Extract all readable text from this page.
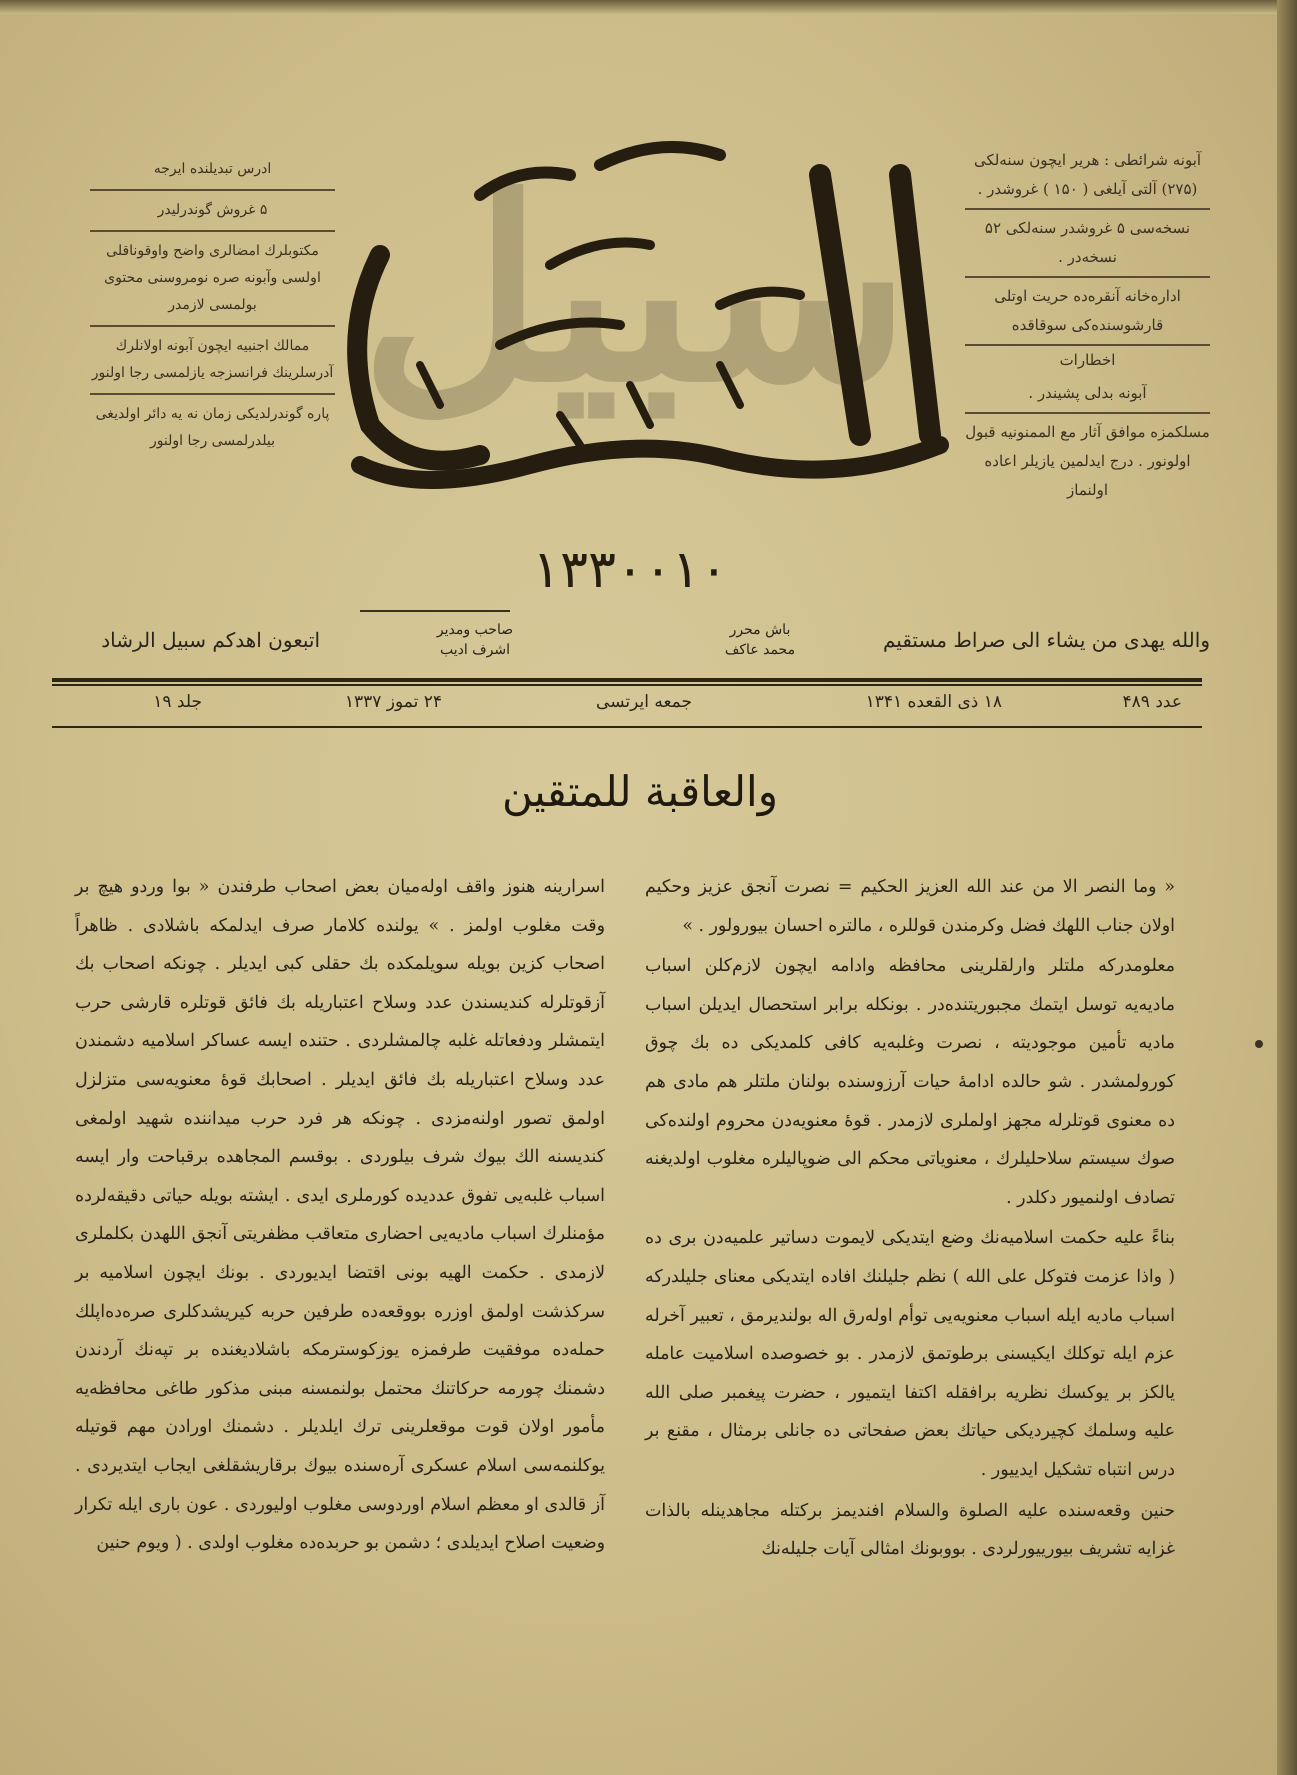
ادرس تبدیلنده ایرجه
۵ غروش گوندرلیدر
مکتوبلرك امضالری واضح واوقوناقلی اولسی وآبونه صره نومروسنی محتوی بولمسی لازمدر
ممالك اجنبیه ایچون آبونه اولانلرك آدرسلرینك فرانسزجه یازلمسی رجا اولنور
پاره گوندرلدیکی زمان نه یه دائر اولدیغی بیلدرلمسی رجا اولنور
سبیل
۱۳۳۰۰۱۰
آبونه شرائطی : هریر ایچون سنه‌لکی (۲۷۵) آلتی آیلغی ( ۱۵۰ ) غروشدر .
نسخه‌سی ۵ غروشدر سنه‌لکی ۵۲ نسخه‌در .
ادارەخانه آنقره‌ده حریت اوتلی قارشوسنده‌کی سوقاقده
اخطارات
آبونه بدلی پشیندر .
مسلکمزه موافق آثار مع الممنونیه قبول اولونور . درج ایدلمین یازیلر اعاده اولنماز
والله یهدی من یشاء الی صراط مستقیم
باش محرر
محمد عاکف
صاحب ومدیر
اشرف ادیب
اتبعون اهدکم سبیل الرشاد
عدد ۴۸۹
۱۸ ذی القعده ۱۳۴۱
جمعه ایرتسی
۲۴ تموز ۱۳۳۷
جلد ۱۹
والعاقبة للمتقین

« وما النصر الا من عند الله العزیز الحکیم = نصرت آنجق عزیز وحکیم اولان جناب اللهك فضل وکرمندن قوللره ، مالتره احسان بیورولور . »

معلومدرکه ملتلر وارلقلرینی محافظه وادامه ایچون لازم‌کلن اسباب مادیه‌یه توسل ایتمك مجبوریتنده‌در . بونکله برابر استحصال ایدیلن اسباب مادیه تأمین موجودیته ، نصرت وغلبه‌یه کافی کلمدیکی ده بك چوق کورولمشدر . شو حالده ادامهٔ حیات آرزوسنده بولنان ملتلر هم مادی هم ده معنوی قوتلرله مجهز اولملری لازمدر . قوهٔ معنویه‌دن محروم اولنده‌کی صوك سیستم سلاحلیلرك ، معنویاتی محکم الی ضوپالیلره مغلوب اولدیغنه تصادف اولنمیور دکلدر .

بناءً علیه حکمت اسلامیه‌نك وضع ایتدیکی لایموت دساتیر علمیه‌دن بری ده ( واذا عزمت فتوکل علی الله ) نظم جلیلنك افاده ایتدیکی معنای جلیلدرکه اسباب مادیه ایله اسباب معنویه‌یی توأم اوله‌رق اله بولندیرمق ، تعبیر آخرله عزم ایله توکلك ایکیسنی برطوتمق لازمدر . بو خصوصده اسلامیت عامله یالکز بر یوکسك نظریه برافقله اکتفا ایتمیور ، حضرت پیغمبر صلی الله علیه وسلمك کچیردیکی حیاتك بعض صفحاتی ده جانلی برمثال ، مقنع بر درس انتباه تشکیل ایدییور .

حنین وقعه‌سنده علیه الصلوة والسلام افندیمز برکتله مجاهدینله بالذات غزایه تشریف بیورییورلردی . بووبونك امثالی آیات جلیله‌نك

اسرارینه هنوز واقف اولەمیان بعض اصحاب طرفندن « بوا وردو هیچ بر وقت مغلوب اولمز . » یولنده کلامار صرف ایدلمکه باشلادی . ظاهراً اصحاب کزین بویله سویلمکده بك حقلی کبی ایدیلر . چونکه اصحاب بك آزقوتلرله کندیسندن عدد وسلاح اعتباریله بك فائق قوتلره قارشی حرب ایتمشلر ودفعاتله غلبه چالمشلردی . حتنده ایسه عساکر اسلامیه دشمندن عدد وسلاح اعتباریله بك فائق ایدیلر . اصحابك قوهٔ معنویه‌سی متزلزل اولمق تصور اولنه‌مزدی . چونکه هر فرد حرب میداننده شهید اولمغی کندیسنه الك بیوك شرف بیلوردی . بوقسم المجاهده برقباحت وار ایسه اسباب غلبه‌یی تفوق عددیده کورملری ایدی . ایشته بویله حیاتی دقیقه‌لرده مؤمنلرك اسباب مادیه‌یی احضاری متعاقب مظفریتی آنجق اللهدن بکلملری لازمدی . حکمت الهیه بونی اقتضا ایدیوردی . بونك ایچون اسلامیه بر سرکذشت اولمق اوزره بووقعه‌ده طرفین حربه کیریشدکلری صره‌ده‌اپلك حمله‌ده موفقیت طرفمزه یوزکوسترمکه باشلادیغنده بر تپه‌نك آردندن دشمنك چورمه حرکاتنك محتمل بولنمسنه مبنی مذکور طاغی محافظه‌یه مأمور اولان قوت موقعلرینی ترك ایلدیلر . دشمنك اورادن مهم قوتیله یوکلنمه‌سی اسلام عسکری آره‌سنده بیوك برقاریشقلغی ایجاب ایتدیردی . آز قالدی او معظم اسلام اوردوسی مغلوب اولیوردی . عون باری ایله تکرار وضعیت اصلاح ایدیلدی ؛ دشمن بو حربده‌ده مغلوب اولدی . ( ویوم حنین
